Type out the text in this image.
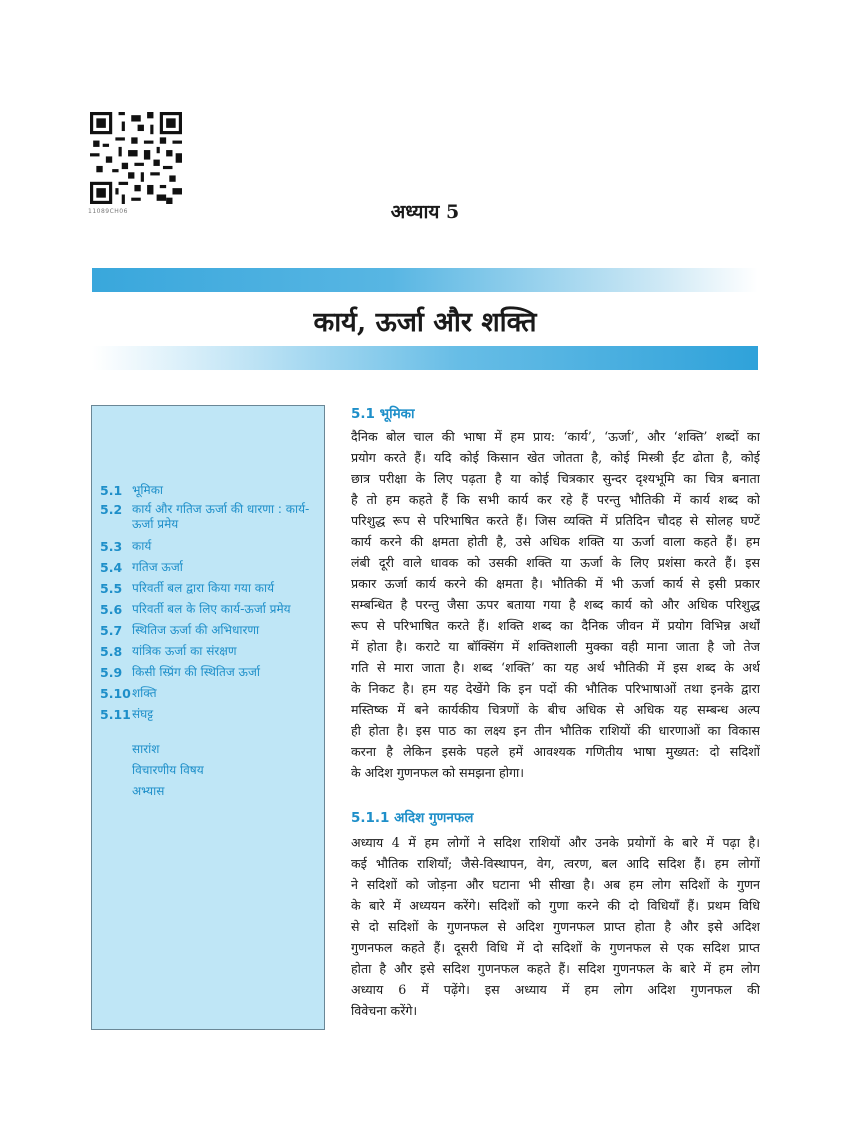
11089CH06	अध्याय 5
कार्य, ऊर्जा और शक्ति
5.1 भूमिका
5.2 कार्य और गतिज ऊर्जा की धारणा : कार्य-ऊर्जा प्रमेय
5.3 कार्य
5.4 गतिज ऊर्जा
5.5 परिवर्ती बल द्वारा किया गया कार्य
5.6 परिवर्ती बल के लिए कार्य-ऊर्जा प्रमेय
5.7 स्थितिज ऊर्जा की अभिधारणा
5.8 यांत्रिक ऊर्जा का संरक्षण
5.9 किसी स्प्रिंग की स्थितिज ऊर्जा
5.10 शक्ति
5.11 संघट्ट
सारांश
विचारणीय विषय
अभ्यास
5.1 भूमिका
दैनिक बोल चाल की भाषा में हम प्राय: ‘कार्य’, ‘ऊर्जा’, और ‘शक्ति’ शब्दों का
प्रयोग करते हैं। यदि कोई किसान खेत जोतता है, कोई मिस्त्री ईंट ढोता है, कोई
छात्र परीक्षा के लिए पढ़ता है या कोई चित्रकार सुन्दर दृश्यभूमि का चित्र बनाता
है तो हम कहते हैं कि सभी कार्य कर रहे हैं परन्तु भौतिकी में कार्य शब्द को
परिशुद्ध रूप से परिभाषित करते हैं। जिस व्यक्ति में प्रतिदिन चौदह से सोलह घण्टें
कार्य करने की क्षमता होती है, उसे अधिक शक्ति या ऊर्जा वाला कहते हैं। हम
लंबी दूरी वाले धावक को उसकी शक्ति या ऊर्जा के लिए प्रशंसा करते हैं। इस
प्रकार ऊर्जा कार्य करने की क्षमता है। भौतिकी में भी ऊर्जा कार्य से इसी प्रकार
सम्बन्धित है परन्तु जैसा ऊपर बताया गया है शब्द कार्य को और अधिक परिशुद्ध
रूप से परिभाषित करते हैं। शक्ति शब्द का दैनिक जीवन में प्रयोग विभिन्न अर्थों
में होता है। कराटे या बॉक्सिंग में शक्तिशाली मुक्का वही माना जाता है जो तेज
गति से मारा जाता है। शब्द ‘शक्ति’ का यह अर्थ भौतिकी में इस शब्द के अर्थ
के निकट है। हम यह देखेंगे कि इन पदों की भौतिक परिभाषाओं तथा इनके द्वारा
मस्तिष्क में बने कार्यकीय चित्रणों के बीच अधिक से अधिक यह सम्बन्ध अल्प
ही होता है। इस पाठ का लक्ष्य इन तीन भौतिक राशियों की धारणाओं का विकास
करना है लेकिन इसके पहले हमें आवश्यक गणितीय भाषा मुख्यत: दो सदिशों
के अदिश गुणनफल को समझना होगा।
5.1.1 अदिश गुणनफल
अध्याय 4 में हम लोगों ने सदिश राशियों और उनके प्रयोगों के बारे में पढ़ा है।
कई भौतिक राशियाँ; जैसे-विस्थापन, वेग, त्वरण, बल आदि सदिश हैं। हम लोगों
ने सदिशों को जोड़ना और घटाना भी सीखा है। अब हम लोग सदिशों के गुणन
के बारे में अध्ययन करेंगे। सदिशों को गुणा करने की दो विधियाँ हैं। प्रथम विधि
से दो सदिशों के गुणनफल से अदिश गुणनफल प्राप्त होता है और इसे अदिश
गुणनफल कहते हैं। दूसरी विधि में दो सदिशों के गुणनफल से एक सदिश प्राप्त
होता है और इसे सदिश गुणनफल कहते हैं। सदिश गुणनफल के बारे में हम लोग
अध्याय 6 में पढ़ेंगे। इस अध्याय में हम लोग अदिश गुणनफल की
विवेचना करेंगे।
